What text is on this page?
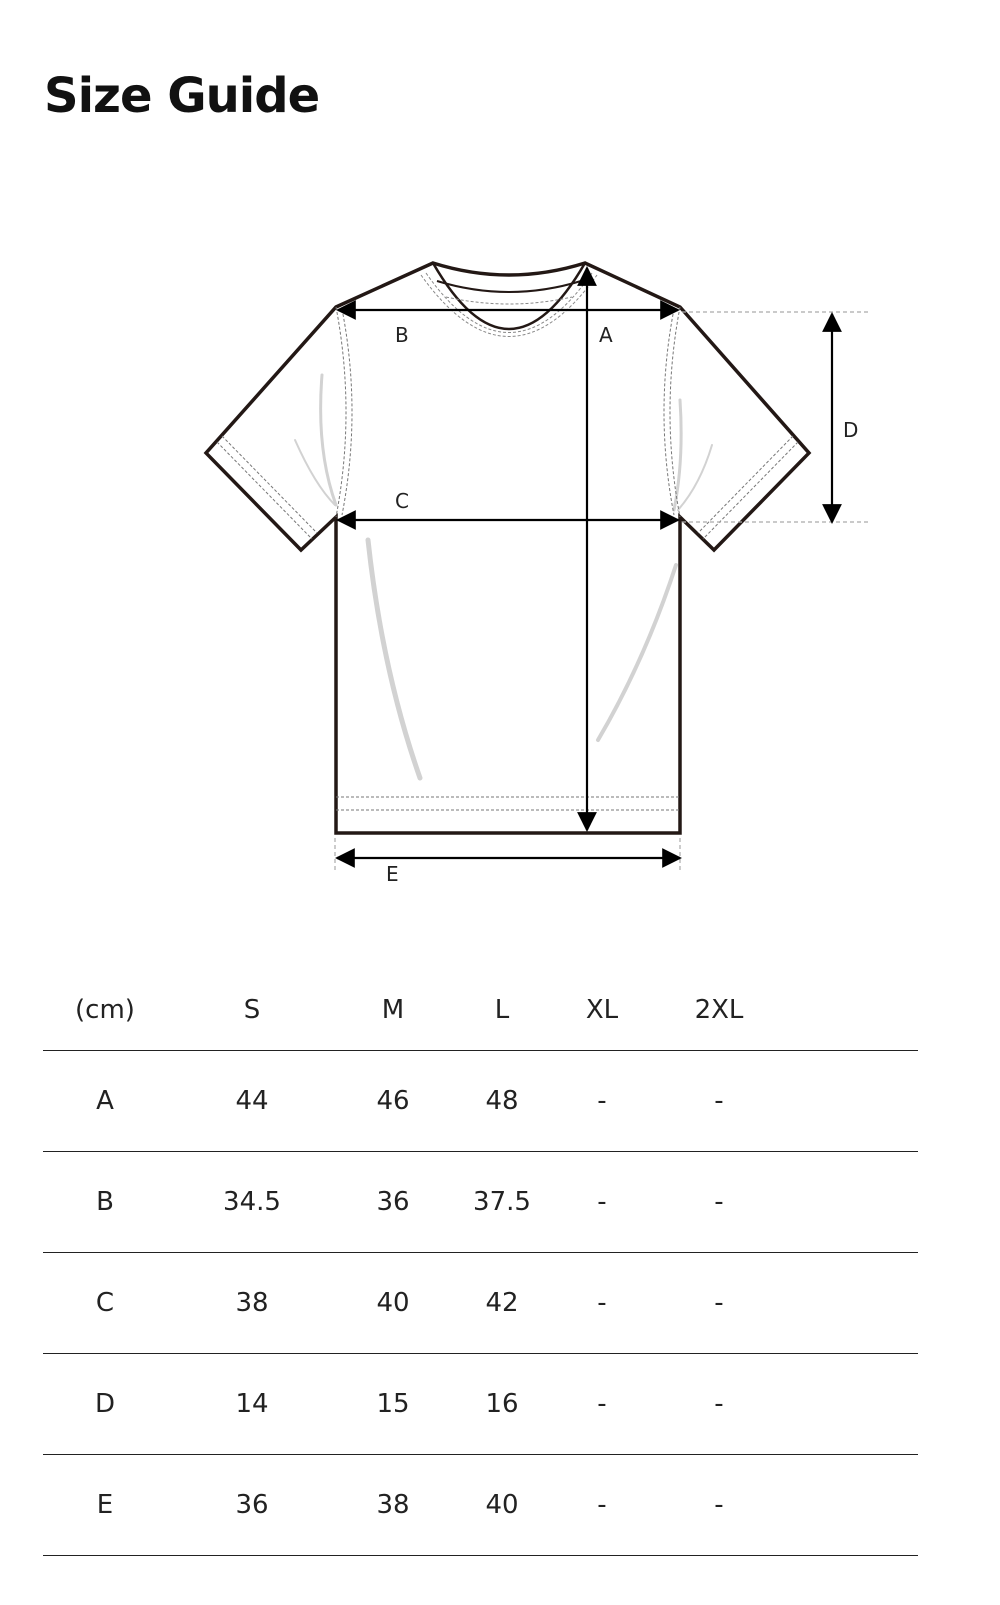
Size Guide
A
B
C
D
E
(cm)	S	M	L	XL	2XL	
A	44	46	48	-	-	
B	34.5	36	37.5	-	-	
C	38	40	42	-	-	
D	14	15	16	-	-	
E	36	38	40	-	-	
